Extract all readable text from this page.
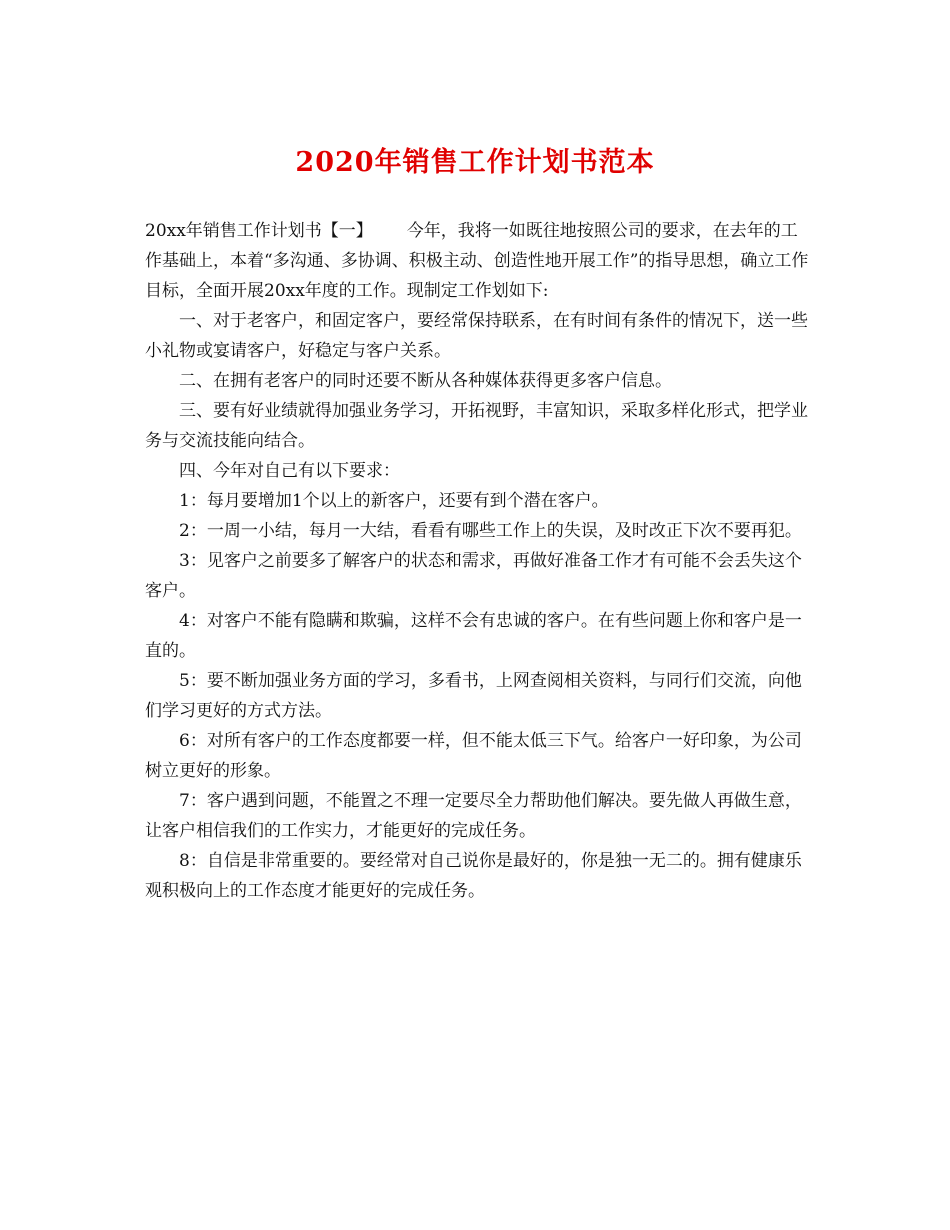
2020年销售工作计划书范本

20xx年销售工作计划书【一】 今年，我将一如既往地按照公司的要求，在去年的工作基础上，本着“多沟通、多协调、积极主动、创造性地开展工作”的指导思想，确立工作目标，全面开展20xx年度的工作。现制定工作划如下:

一、对于老客户，和固定客户，要经常保持联系，在有时间有条件的情况下，送一些小礼物或宴请客户，好稳定与客户关系。

二、在拥有老客户的同时还要不断从各种媒体获得更多客户信息。

三、要有好业绩就得加强业务学习，开拓视野，丰富知识，采取多样化形式，把学业务与交流技能向结合。

四、今年对自己有以下要求：

1：每月要增加1个以上的新客户，还要有到个潜在客户。

2：一周一小结，每月一大结，看看有哪些工作上的失误，及时改正下次不要再犯。

3：见客户之前要多了解客户的状态和需求，再做好准备工作才有可能不会丢失这个客户。

4：对客户不能有隐瞒和欺骗，这样不会有忠诚的客户。在有些问题上你和客户是一直的。

5：要不断加强业务方面的学习，多看书，上网查阅相关资料，与同行们交流，向他们学习更好的方式方法。

6：对所有客户的工作态度都要一样，但不能太低三下气。给客户一好印象，为公司树立更好的形象。

7：客户遇到问题，不能置之不理一定要尽全力帮助他们解决。要先做人再做生意，让客户相信我们的工作实力，才能更好的完成任务。

8：自信是非常重要的。要经常对自己说你是最好的，你是独一无二的。拥有健康乐观积极向上的工作态度才能更好的完成任务。
